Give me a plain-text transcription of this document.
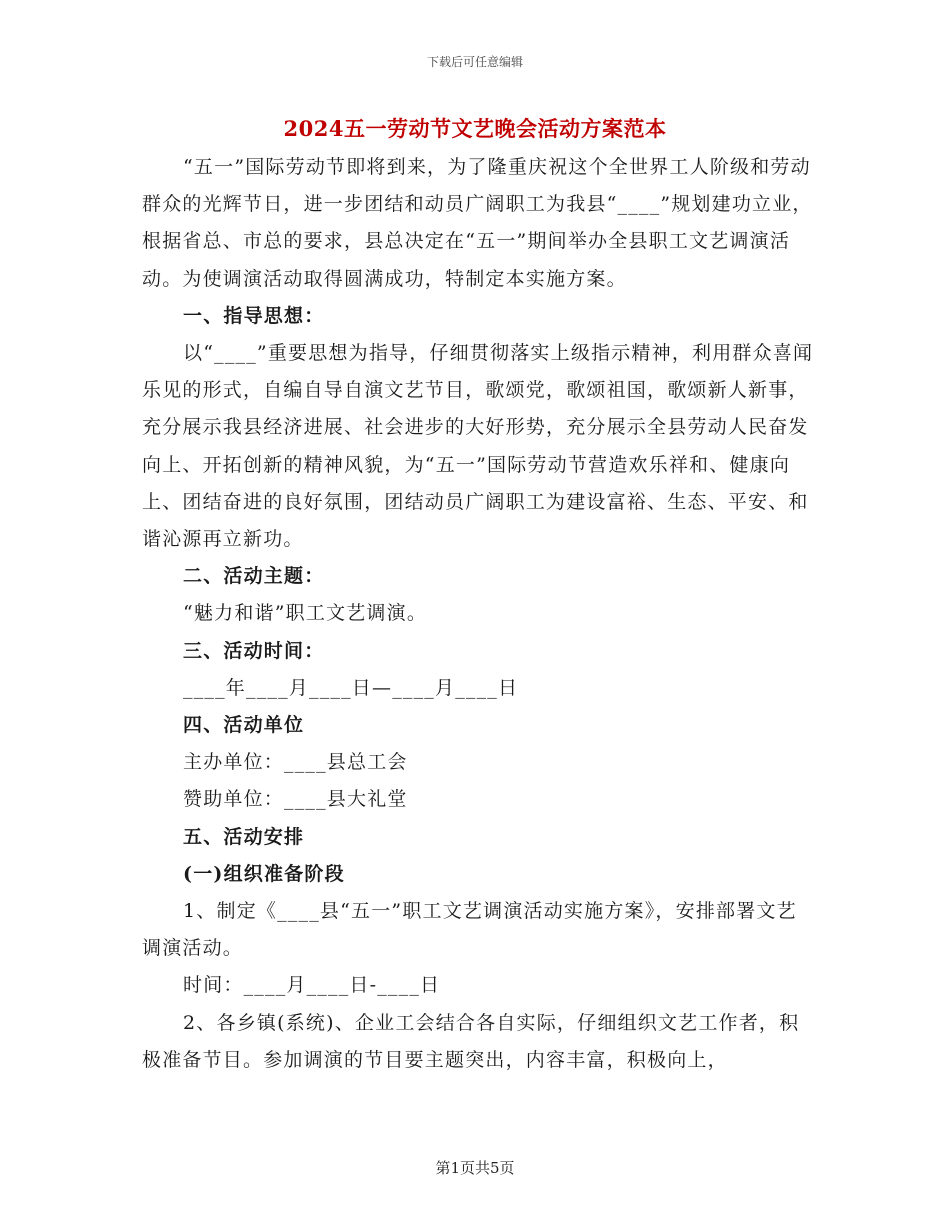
下载后可任意编辑
2024五一劳动节文艺晚会活动方案范本

“五一”国际劳动节即将到来，为了隆重庆祝这个全世界工人阶级和劳动群众的光辉节日，进一步团结和动员广阔职工为我县“____”规划建功立业，根据省总、市总的要求，县总决定在“五一”期间举办全县职工文艺调演活动。为使调演活动取得圆满成功，特制定本实施方案。

一、指导思想：

以“____”重要思想为指导，仔细贯彻落实上级指示精神，利用群众喜闻乐见的形式，自编自导自演文艺节目，歌颂党，歌颂祖国，歌颂新人新事，充分展示我县经济进展、社会进步的大好形势，充分展示全县劳动人民奋发向上、开拓创新的精神风貌，为“五一”国际劳动节营造欢乐祥和、健康向上、团结奋进的良好氛围，团结动员广阔职工为建设富裕、生态、平安、和谐沁源再立新功。

二、活动主题：

“魅力和谐”职工文艺调演。

三、活动时间：

____年____月____日—____月____日

四、活动单位

主办单位：____县总工会

赞助单位：____县大礼堂

五、活动安排

(一)组织准备阶段

1、制定《____县“五一”职工文艺调演活动实施方案》，安排部署文艺调演活动。

时间：____月____日-____日

2、各乡镇(系统)、企业工会结合各自实际，仔细组织文艺工作者，积极准备节目。参加调演的节目要主题突出，内容丰富，积极向上，

第1页共5页
